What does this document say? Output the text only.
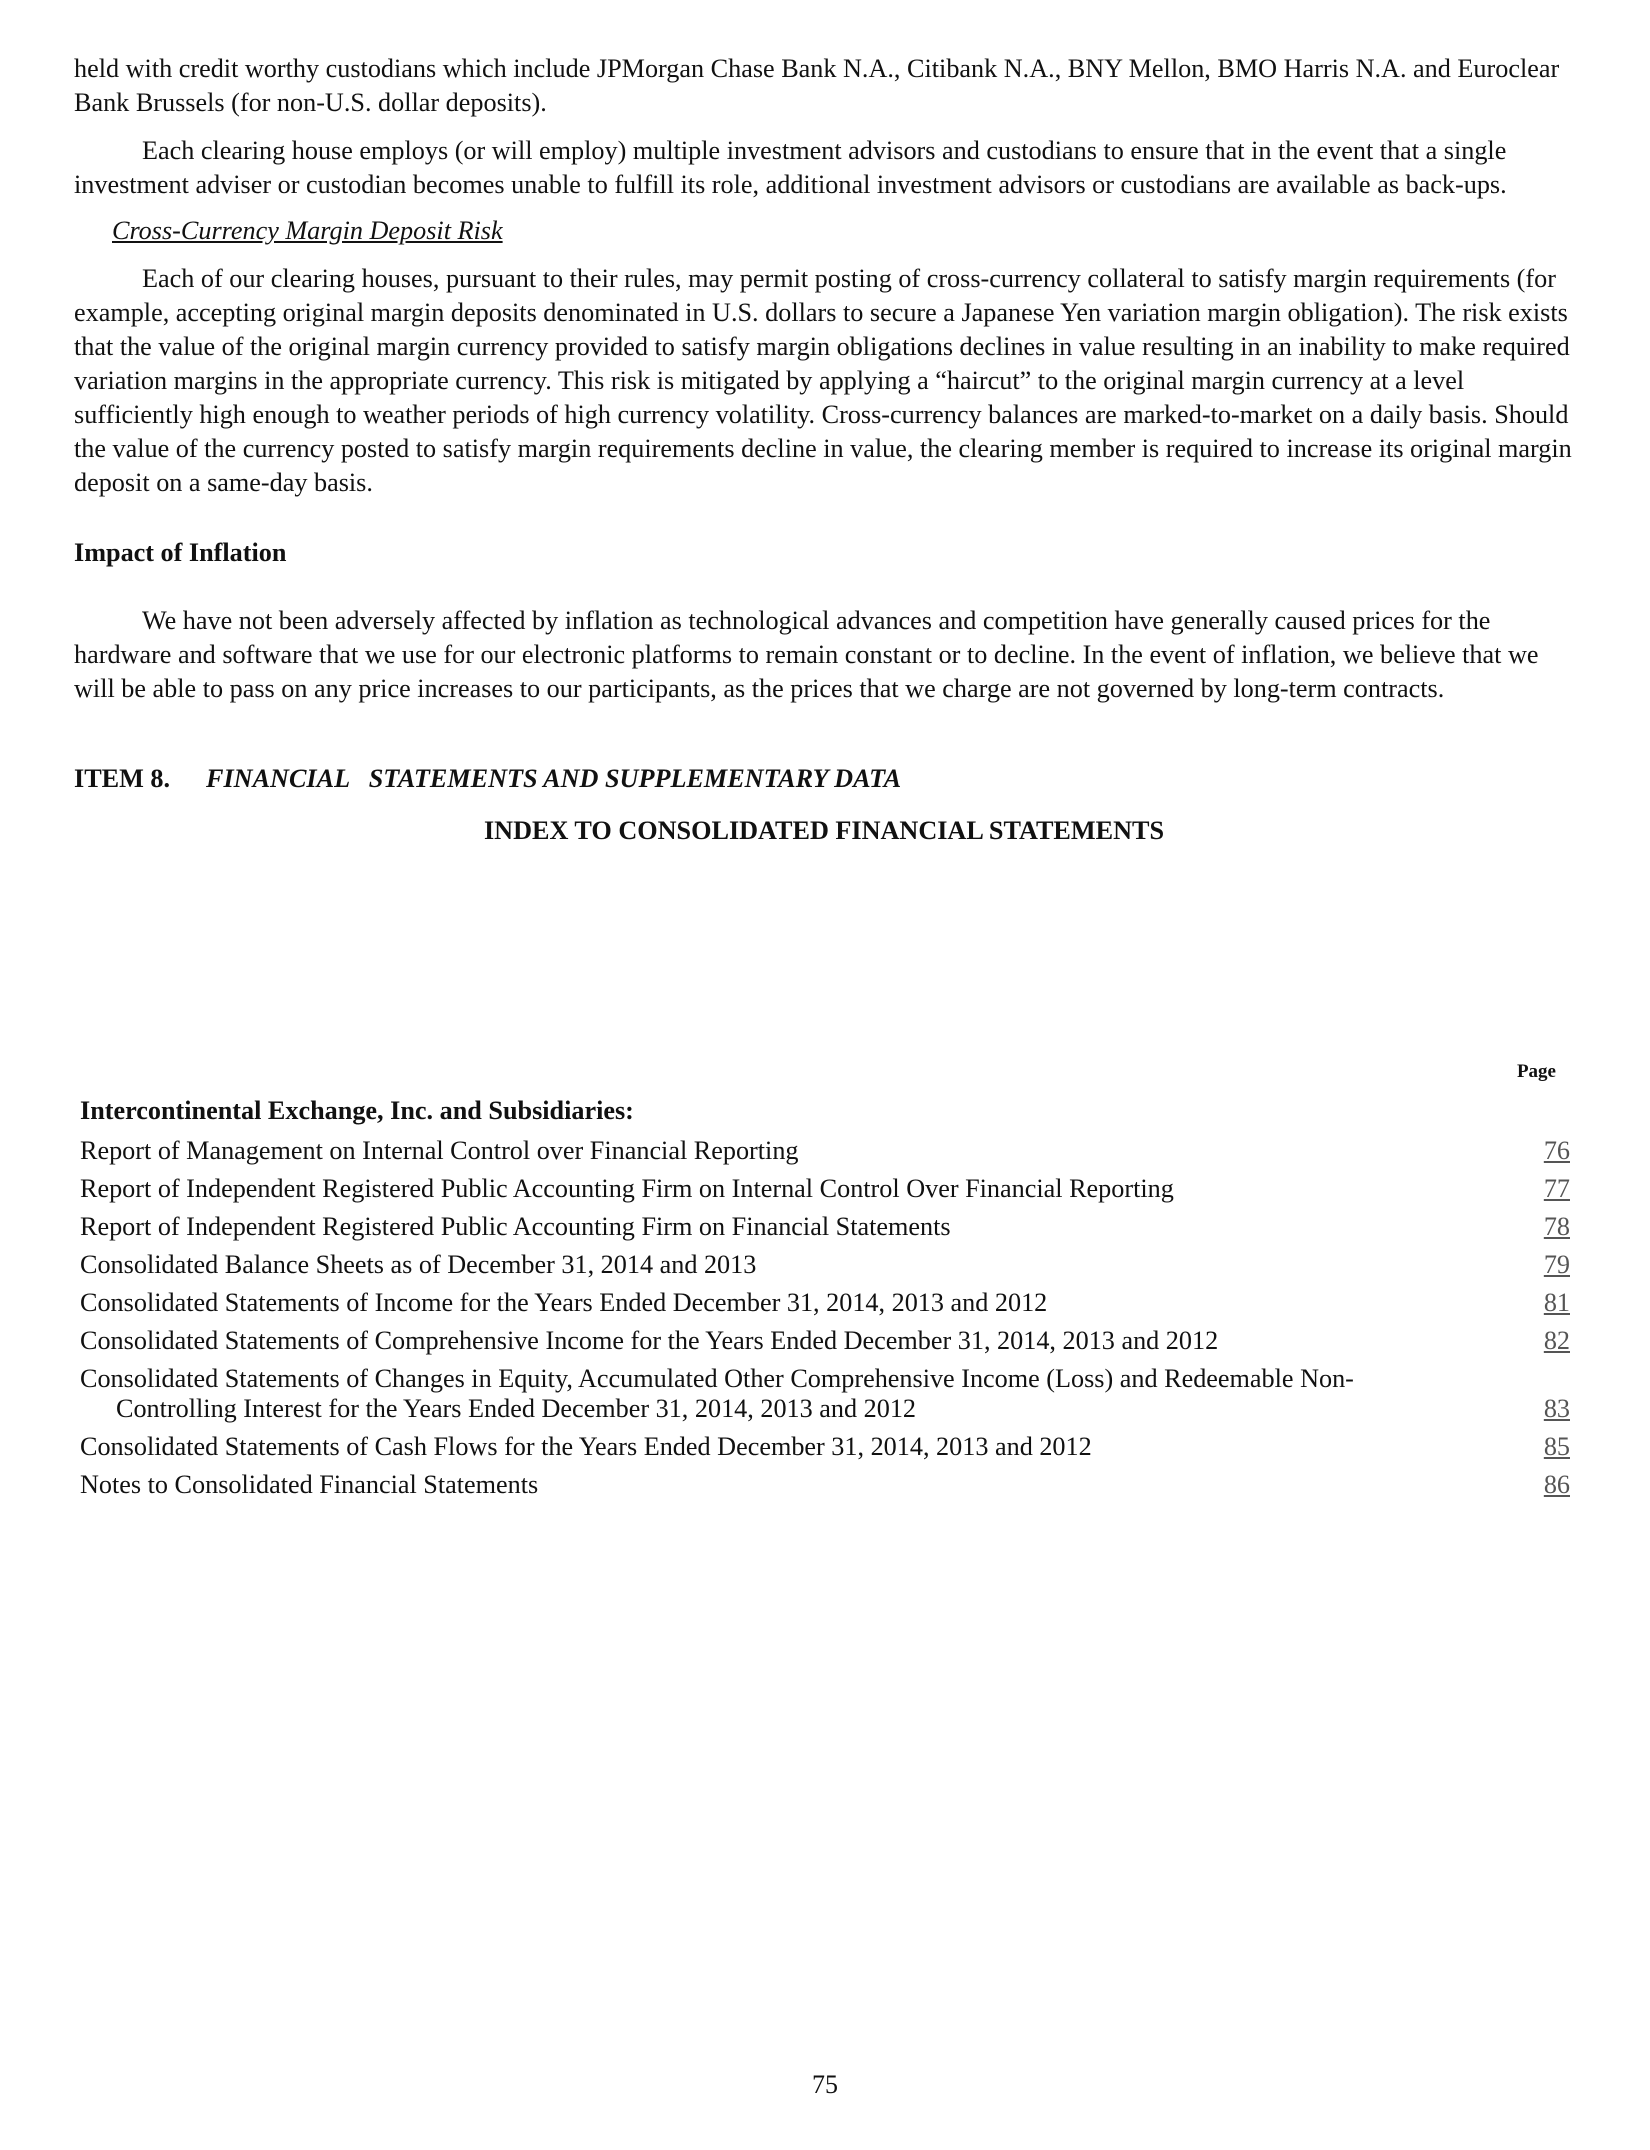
held with credit worthy custodians which include JPMorgan Chase Bank N.A., Citibank N.A., BNY Mellon, BMO Harris N.A. and Euroclear Bank Brussels (for non-U.S. dollar deposits).

Each clearing house employs (or will employ) multiple investment advisors and custodians to ensure that in the event that a single investment adviser or custodian becomes unable to fulfill its role, additional investment advisors or custodians are available as back-ups.

Cross-Currency Margin Deposit Risk

Each of our clearing houses, pursuant to their rules, may permit posting of cross-currency collateral to satisfy margin requirements (for example, accepting original margin deposits denominated in U.S. dollars to secure a Japanese Yen variation margin obligation). The risk exists that the value of the original margin currency provided to satisfy margin obligations declines in value resulting in an inability to make required variation margins in the appropriate currency. This risk is mitigated by applying a “haircut” to the original margin currency at a level sufficiently high enough to weather periods of high currency volatility. Cross-currency balances are marked-to-market on a daily basis. Should the value of the currency posted to satisfy margin requirements decline in value, the clearing member is required to increase its original margin deposit on a same-day basis.

Impact of Inflation

We have not been adversely affected by inflation as technological advances and competition have generally caused prices for the hardware and software that we use for our electronic platforms to remain constant or to decline. In the event of inflation, we believe that we will be able to pass on any price increases to our participants, as the prices that we charge are not governed by long-term contracts.

ITEM 8. FINANCIAL   STATEMENTS AND SUPPLEMENTARY DATA
INDEX TO CONSOLIDATED FINANCIAL STATEMENTS
Page
Intercontinental Exchange, Inc. and Subsidiaries:
Report of Management on Internal Control over Financial Reporting	76
Report of Independent Registered Public Accounting Firm on Internal Control Over Financial Reporting	77
Report of Independent Registered Public Accounting Firm on Financial Statements	78
Consolidated Balance Sheets as of December 31, 2014 and 2013	79
Consolidated Statements of Income for the Years Ended December 31, 2014, 2013 and 2012	81
Consolidated Statements of Comprehensive Income for the Years Ended December 31, 2014, 2013 and 2012	82
Consolidated Statements of Changes in Equity, Accumulated Other Comprehensive Income (Loss) and Redeemable Non-
Controlling Interest for the Years Ended December 31, 2014, 2013 and 2012	83
Consolidated Statements of Cash Flows for the Years Ended December 31, 2014, 2013 and 2012	85
Notes to Consolidated Financial Statements	86
75
